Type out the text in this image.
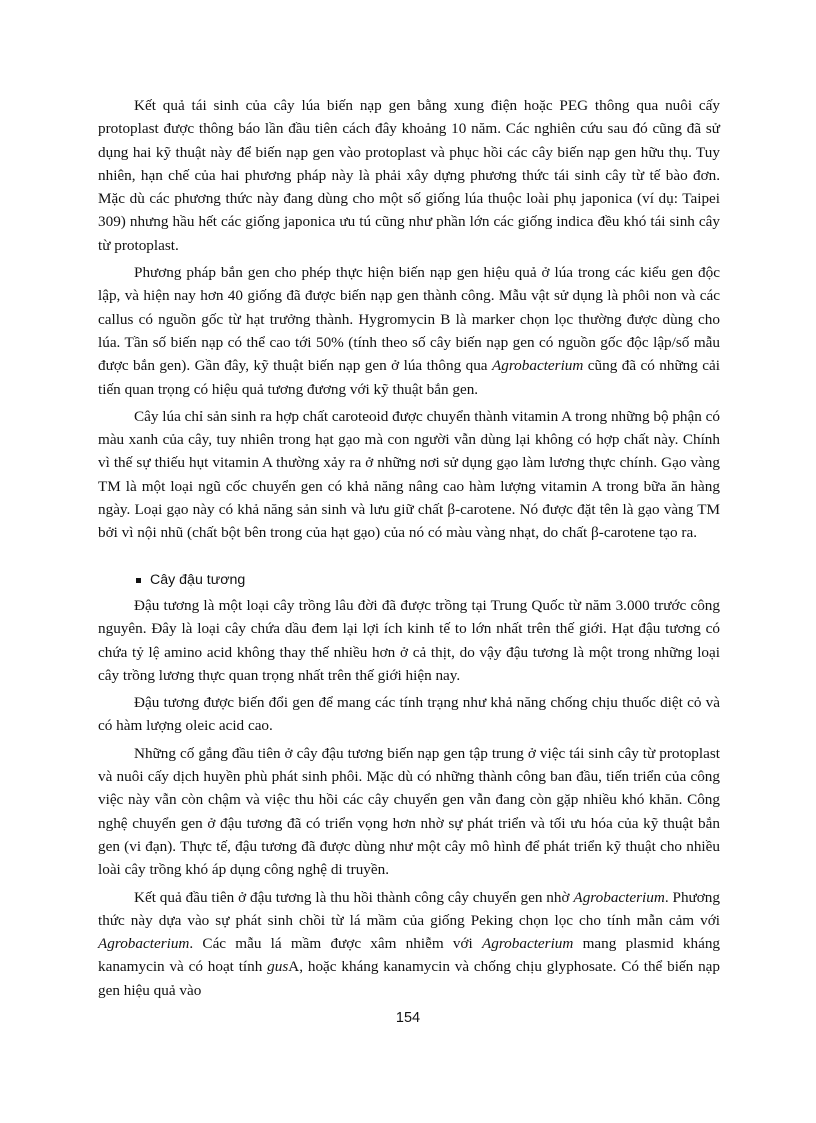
Kết quả tái sinh của cây lúa biến nạp gen bằng xung điện hoặc PEG thông qua nuôi cấy protoplast được thông báo lần đầu tiên cách đây khoảng 10 năm. Các nghiên cứu sau đó cũng đã sử dụng hai kỹ thuật này để biến nạp gen vào protoplast và phục hồi các cây biến nạp gen hữu thụ. Tuy nhiên, hạn chế của hai phương pháp này là phải xây dựng phương thức tái sinh cây từ tế bào đơn. Mặc dù các phương thức này đang dùng cho một số giống lúa thuộc loài phụ japonica (ví dụ: Taipei 309) nhưng hầu hết các giống japonica ưu tú cũng như phần lớn các giống indica đều khó tái sinh cây từ protoplast.

Phương pháp bắn gen cho phép thực hiện biến nạp gen hiệu quả ở lúa trong các kiểu gen độc lập, và hiện nay hơn 40 giống đã được biến nạp gen thành công. Mẫu vật sử dụng là phôi non và các callus có nguồn gốc từ hạt trưởng thành. Hygromycin B là marker chọn lọc thường được dùng cho lúa. Tần số biến nạp có thể cao tới 50% (tính theo số cây biến nạp gen có nguồn gốc độc lập/số mẫu được bắn gen). Gần đây, kỹ thuật biến nạp gen ở lúa thông qua Agrobacterium cũng đã có những cải tiến quan trọng có hiệu quả tương đương với kỹ thuật bắn gen.

Cây lúa chỉ sản sinh ra hợp chất caroteoid được chuyển thành vitamin A trong những bộ phận có màu xanh của cây, tuy nhiên trong hạt gạo mà con người vẫn dùng lại không có hợp chất này. Chính vì thế sự thiếu hụt vitamin A thường xảy ra ở những nơi sử dụng gạo làm lương thực chính. Gạo vàng TM là một loại ngũ cốc chuyển gen có khả năng nâng cao hàm lượng vitamin A trong bữa ăn hàng ngày. Loại gạo này có khả năng sản sinh và lưu giữ chất β-carotene. Nó được đặt tên là gạo vàng TM bởi vì nội nhũ (chất bột bên trong của hạt gạo) của nó có màu vàng nhạt, do chất β-carotene tạo ra.

Cây đậu tương

Đậu tương là một loại cây trồng lâu đời đã được trồng tại Trung Quốc từ năm 3.000 trước công nguyên. Đây là loại cây chứa dầu đem lại lợi ích kinh tế to lớn nhất trên thế giới. Hạt đậu tương có chứa tỷ lệ amino acid không thay thế nhiều hơn ở cả thịt, do vậy đậu tương là một trong những loại cây trồng lương thực quan trọng nhất trên thế giới hiện nay.

Đậu tương được biến đổi gen để mang các tính trạng như khả năng chống chịu thuốc diệt cỏ và có hàm lượng oleic acid cao.

Những cố gắng đầu tiên ở cây đậu tương biến nạp gen tập trung ở việc tái sinh cây từ protoplast và nuôi cấy dịch huyền phù phát sinh phôi. Mặc dù có những thành công ban đầu, tiến triển của công việc này vẫn còn chậm và việc thu hồi các cây chuyển gen vẫn đang còn gặp nhiều khó khăn. Công nghệ chuyển gen ở đậu tương đã có triển vọng hơn nhờ sự phát triển và tối ưu hóa của kỹ thuật bắn gen (vi đạn). Thực tế, đậu tương đã được dùng như một cây mô hình để phát triển kỹ thuật cho nhiều loài cây trồng khó áp dụng công nghệ di truyền.

Kết quả đầu tiên ở đậu tương là thu hồi thành công cây chuyển gen nhờ Agrobacterium. Phương thức này dựa vào sự phát sinh chồi từ lá mầm của giống Peking chọn lọc cho tính mẫn cảm với Agrobacterium. Các mẫu lá mầm được xâm nhiễm với Agrobacterium mang plasmid kháng kanamycin và có hoạt tính gusA, hoặc kháng kanamycin và chống chịu glyphosate. Có thể biến nạp gen hiệu quả vào

154
